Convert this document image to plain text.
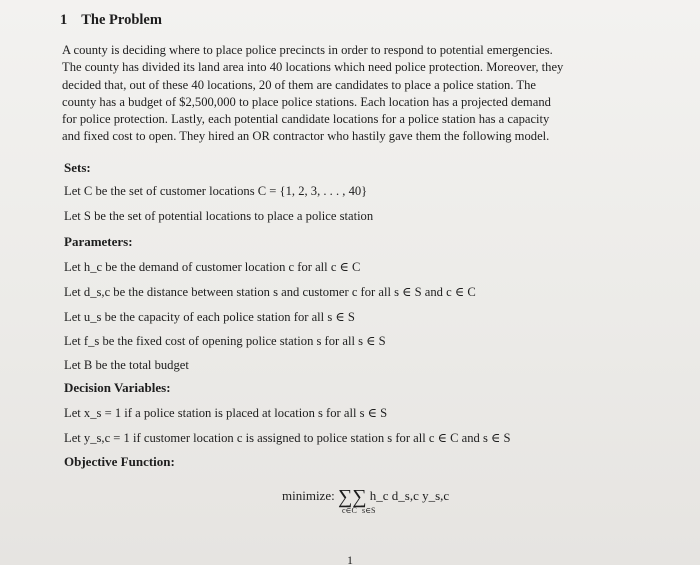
1 The Problem
A county is deciding where to place police precincts in order to respond to potential emergencies.
The county has divided its land area into 40 locations which need police protection. Moreover, they
decided that, out of these 40 locations, 20 of them are candidates to place a police station. The
county has a budget of $2,500,000 to place police stations. Each location has a projected demand
for police protection. Lastly, each potential candidate locations for a police station has a capacity
and fixed cost to open. They hired an OR contractor who hastily gave them the following model.
Sets:
Let C be the set of customer locations C = {1, 2, 3, . . . , 40}
Let S be the set of potential locations to place a police station
Parameters:
Let h_c be the demand of customer location c for all c ∈ C
Let d_s,c be the distance between station s and customer c for all s ∈ S and c ∈ C
Let u_s be the capacity of each police station for all s ∈ S
Let f_s be the fixed cost of opening police station s for all s ∈ S
Let B be the total budget
Decision Variables:
Let x_s = 1 if a police station is placed at location s for all s ∈ S
Let y_s,c = 1 if customer location c is assigned to police station s for all c ∈ C and s ∈ S
Objective Function:
minimize: ∑∑ h_c d_s,c y_s,c
c∈C s∈S
1
